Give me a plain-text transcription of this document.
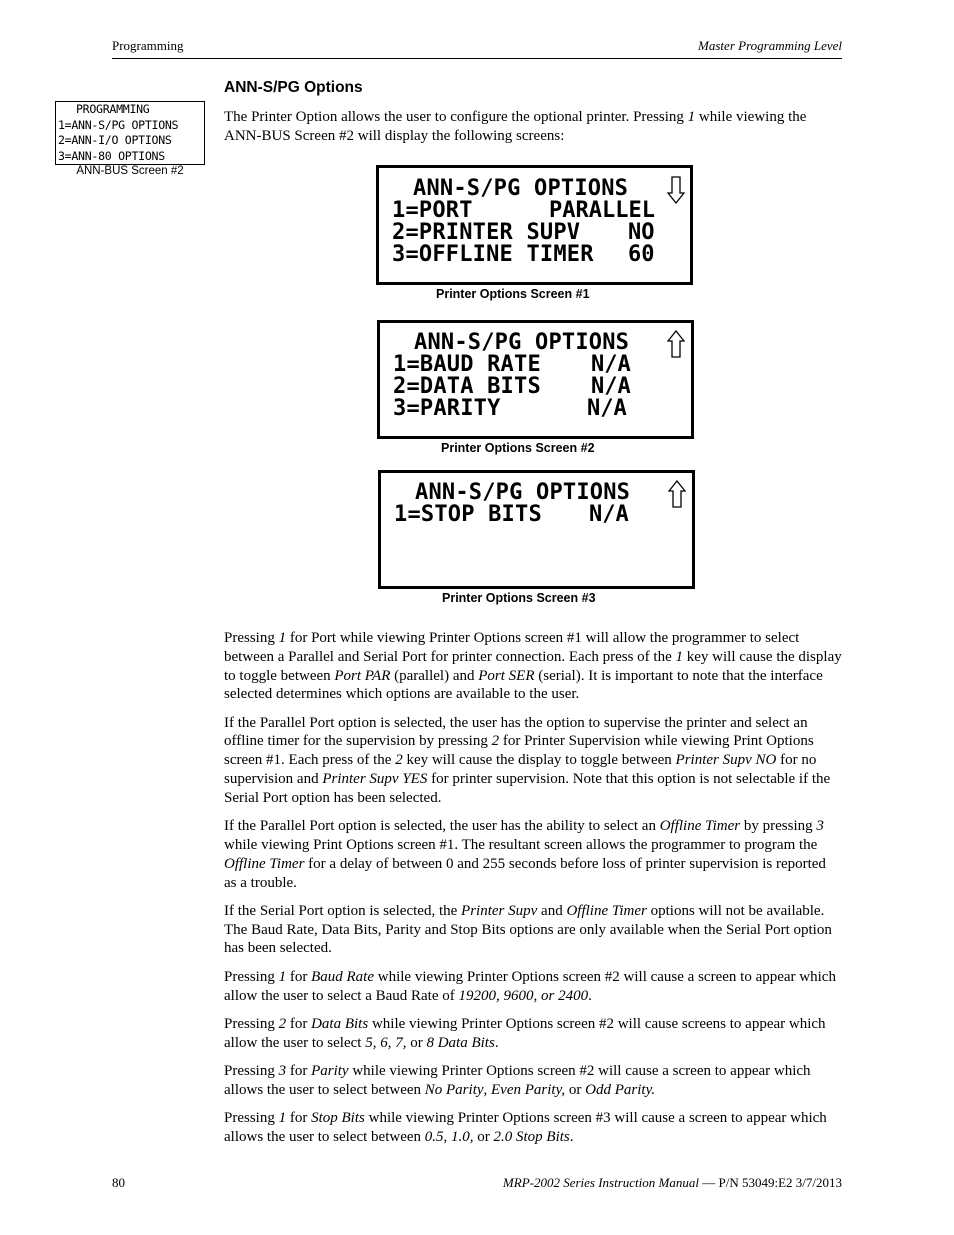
Programming	Master Programming Level
PROGRAMMING
1=ANN-S/PG OPTIONS
2=ANN-I/O OPTIONS
3=ANN-80 OPTIONS
ANN-BUS Screen #2
ANN-S/PG Options
The Printer Option allows the user to configure the optional printer. Pressing 1 while viewing the ANN-BUS Screen #2 will display the following screens:
ANN-S/PG OPTIONS
1=PORT	PARALLEL
2=PRINTER SUPV NO
3=OFFLINE TIMER 60
Printer Options Screen #1
ANN-S/PG OPTIONS
1=BAUD RATE N/A
2=DATA BITS N/A
3=PARITY	N/A
Printer Options Screen #2
ANN-S/PG OPTIONS
1=STOP BITS N/A
Printer Options Screen #3

Pressing 1 for Port while viewing Printer Options screen #1 will allow the programmer to select between a Parallel and Serial Port for printer connection. Each press of the 1 key will cause the display to toggle between Port PAR (parallel) and Port SER (serial). It is important to note that the interface selected determines which options are available to the user.

If the Parallel Port option is selected, the user has the option to supervise the printer and select an offline timer for the supervision by pressing 2 for Printer Supervision while viewing Print Options screen #1. Each press of the 2 key will cause the display to toggle between Printer Supv NO for no supervision and Printer Supv YES for printer supervision. Note that this option is not selectable if the Serial Port option has been selected.

If the Parallel Port option is selected, the user has the ability to select an Offline Timer by pressing 3 while viewing Print Options screen #1. The resultant screen allows the programmer to program the Offline Timer for a delay of between 0 and 255 seconds before loss of printer supervision is reported as a trouble.

If the Serial Port option is selected, the Printer Supv and Offline Timer options will not be available. The Baud Rate, Data Bits, Parity and Stop Bits options are only available when the Serial Port option has been selected.

Pressing 1 for Baud Rate while viewing Printer Options screen #2 will cause a screen to appear which allow the user to select a Baud Rate of 19200, 9600, or 2400.

Pressing 2 for Data Bits while viewing Printer Options screen #2 will cause screens to appear which allow the user to select 5, 6, 7, or 8 Data Bits.

Pressing 3 for Parity while viewing Printer Options screen #2 will cause a screen to appear which allows the user to select between No Parity, Even Parity, or Odd Parity.

Pressing 1 for Stop Bits while viewing Printer Options screen #3 will cause a screen to appear which allows the user to select between 0.5, 1.0, or 2.0 Stop Bits.

80	MRP-2002 Series Instruction Manual — P/N 53049:E2 3/7/2013
